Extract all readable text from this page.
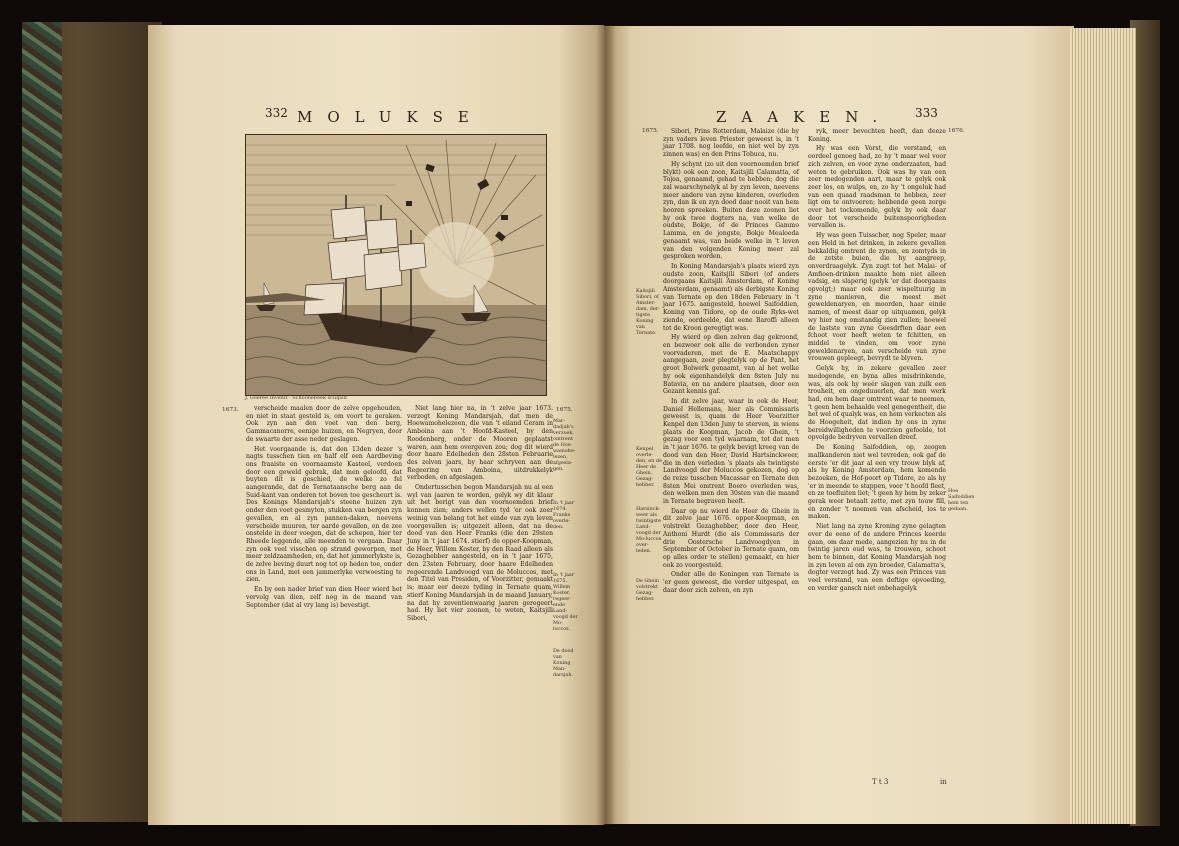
332 MOLUKSE
J. Goeree Invenit · Schoonebeek sculpsit
1673.	verscheide maalen door de zelve opgehouden, en niet in staat gesteld is, om voort te geraken. Ook zyn aan den voet van den berg, Gammacanorre, eenige huizen, en Negryen, door de swaarte der asse neder geslagen.

Het voorgaande is, dat den 13den dezer 's nagts tusschen tien en half elf een Aardbeving ons fraaiste en voornaamste Kasteel, verdoen door een geweld gebrak, dat men geloofd, dat buyten dit is geschied, de welke zo fel aangerande, dat de Ternataansche berg aan de Suid-kant van onderen tot boven toe gescheurt is. Des Konings Mandarsjah's steene huizen zyn onder den voet gesmyten, stukken van bergen zyn gevallen, en al zyn pannen-daken, neevens verscheide muuren, ter aarde gevallen, en de zee onstelde in deer voegen, dat de schepen, hier ter Rheede leggende, alle meenden te vergaan. Daar zyn ook veel visschen op strand geworpen, met meer zeldzaamheden, en, dat het jammerlykste is, de zelve beving duurt nog tot op heden toe, onder ons in Land, met een jammerlyke verwoesting te zien.

En by een nader brief van dien Heer wierd het vervolg van dien, zelf nog in de maand van September (dat al vry lang is) bevestigt.

Niet lang hier na, in 't zelve jaar 1673. verzogt Koning Mandarsjah, dat men de Hoewamohelezeen, die van 't eiland Ceram in Amboina aan 't Hoofd-Kasteel, by den Roodenberg, onder de Mooren geplaatst waren, aan hem overgeven zou; dog dit wierd door haare Edelheden den 28sten Februarie des zelven jaars, by haar schryven aan de Regeering van Amboina, uitdrukkelyk verboden, en afgeslagen.

Ondertusschen begon Mandarsjah nu al een wyl van jaaren te worden, gelyk wy dit klaar uit het berigt van den voornoemden brief konnen zien; anders wellen tyd 'er ook zeer weinig van belang tot het einde van zyn leven voorgevallen is; uitgezeit alleen, dat na de dood van den Heer Franks (die den 29sten Juny in 't jaar 1674. stierf) de opper-Koopman, de Heer, Willem Koster, by den Raad alleen als Gezaghebber aangesteld, en in 't jaar 1675, den 23sten February, door haare Edelheden regeerende Landvoogd van de Moluccos, met den Titel van Presiden, of Voorzitter, gemaakt is; maar eer deeze tyding in Ternate quam, stierf Koning Mandarsjah in de maand January, na dat hy zeventienwaarig jaaren geregeert had. Hy liet vier zoonen, te weten, Kaitsjili Sibori,

1675.
Mar-dadjah's verzoek, omtrent de Hoe-wamohe-lezen, afgesla-gen.
In 't jaar 1674. Franks overle-den.
In 't jaar 1675. Willem Koster, regeer-ende Land-voogd der Mo-luccos.
De dood van Koning Man-darsjah.
ZAAKEN. 333
1675.	1676.
Kaitsjili Sibori, of Amster-dam, der-tigste Koning van Ternate.
Kenpel overle-den, en de Heer de Ghein, Gezag-hebber.
Harsinck-weer als twintigste Land-voogd der Mo-luccos over-leden.
De Ghein volstrekt Gezag-hebber.

Sibori, Prins Rotterdam, Malaize (die by zyn vaders leven Priester geweest is, in 't jaar 1708. nog leefde, en niet wel by zyn zinnen was) en den Prins Tobuca, nu.

Hy schynt (zo uit den voornoemden brief blykt) ook een zoon, Kaitsjili Calamatta, of Tojoa, genaamd, gehad te hebben; dog die zal waarschynelyk al by zyn leven, neevens meer andere van zyne kinderen, overleden zyn, dan ik en zyn dood daar nooit van hem hooren spreeken. Buiten deze zoonen liet hy ook twee dogters na, van welke de oudste, Bokje, of de Princes Gammo Lamma, en de jongste, Bokje Mealoeda genaamt was, van beide welke in 't leven van den volgenden Koning meer zal gesproken worden.

In Koning Mandarsjah's plaats wierd zyn oudste zoon, Kaitsjili Sibori (of anders doorgaans Kaitsjili Amsterdam, of Koning Amsterdam, genaamt) als derbigste Koning van Ternate op den 18den February in 't jaar 1675. aangesteld, hoewel Saifoddien, Koning van Tidore, op de oude Ryks-wet ziende, oordeelde, dat eene Baroffi alleen tot de Kroon geregtigt was.

Hy wierd op dien zelven dag gekroond, en bezwoer ook alle de verbonden zyner voorvaderen, met de E. Maatschappy aangegaan, zeer plegtelyk op de Pant, het groot Bolwerk genaamt, van al het welke hy ook eigenhandelyk den 8sten July nu Batavia, en na andere plaatsen, door een Gezant kennis gaf.

In dit zelve jaar, waar in ook de Heer, Daniel Hellemans, hier als Commissaris geweest is, quam de Heer Voorzitter Kenpel den 13den Juny te sterven, in wiens plaats de Koopman, Jacob de Ghein, 't gezag voor een tyd waarnam, tot dat men in 't jaar 1676. te gelyk bevigt kreeg van de dood van den Heer, David Hartsinckweer, die in den verleden 's plaats als twintigste Landvoogd der Moluccos gekozen, dog op de reize tusschen Macassar en Ternate den 8sten Mei omtrent Boero overleden was, den welken men den 30sten van die maand in Ternate begraven heeft.

Daar op nu wierd de Heer de Ghein in dit zelve jaar 1676. opper-Koopman, en volstrekt Gezaghebber, door den Heer, Anthoni Hurdt (die als Commissaris der drie Oostersche Landvoogdyen in September of October in Ternate quam, om op alles order te stellen) gemaakt, en hier ook zo voorgesteld.

Onder alle de Koningen van Ternate is 'er geen geweest, die verder uitgespat, en daar door zich zelven, en zyn

ryk, meer bevochten heeft, dan deeze Koning.

Hy was een Vorst, die verstand, en oordeel genoeg had, zo hy 't maar wel voor zich zelven, en voor zyne onderzaaten, had weten te gebruiken. Ook was hy van een zeer medogenden aart, maar te gelyk ook zeer los, en wulps, en, zo hy 't ongeluk had van een quaad raadsman te hebben, zeer ligt om te ontvoeren; hebbende geen zorge over het tockomende, gelyk hy ook daar door tot verscheide buitenspoorigheden vervallen is.

Hy was geen Tuisscher, nog Speler, maar een Held in het drinken, in zekere gevallen bekkaldig omtrent de zynen, en zomtyds in de zotste buien, die hy aangreep, onverdraagelyk. Zyn zugt tot het Malai- of Amfioen-drinken maakte hem niet alleen vadsig, en slaperig (gelyk 'er dat doorgaans opvolgt;) maar ook zeer wispeltuurig in zyne manieren, die meest met geweldenaryen, en moorden, haar einde namen, of meest daar op uitquamen, gelyk wy hier nog omstandig zien zullen; hoewel de lastste van zyne Geesdrften daar een fchoot voor heeft weten te fchitten, en middel te vinden, om voor zyne geweldenaryen, aan verscheide van zyne vrouwen gepleegt, bevrydt te blyven.

Gelyk hy, in zekere gevallen zeer medogende, en byna alles misdrinkende, was, als ook hy weér slagen van zulk een trouheit, en ongeduuerlen, dat men werk had, om hem daar omtrent waar te neemen, 't geen hem behaalde veel genegentheit, die het wel of qualyk was, en hem verkecten als de Hoogeheit, dat indien hy ons in zyne bereidwilligheden te voorzien gefoolde, tot opvolgde bedryven vervallen dreef.

De Koning Saifoddien, op, zeogen mallkanderen niet wel tevreden, ook gaf de eerste 'er dit jaar al een vry trouw blyk af, als hy Koning Amsterdam, hem komende bezoeken, de Hof-poort op Tidore, zo als hy 'er in meende te stappen, voor 't hoofd fleet, en ze toefluiten liet; 't geen hy hem by zeker gerak weer betaalt zette, met zyn touw fill, en zonder 't noemen van afscheid, los te maken.

Niet lang na zyne Kroning zyne gelagten over de eene of de andere Princes keerde gaan, om daar mede, aangezien hy nu in de twintig jaren oud was, te trouwen, schoot hem te binnen, dat Koning Mandarsjah nog in zyn leven al om zyn broeder, Calamatta's, dogter verzogt had. Zy was een Princes van veel verstand, van een deftige opvoeding, en verder gansch niet onbehagelyk

Hoe Saifoddien hem ten gedaan.
T t 3	in
